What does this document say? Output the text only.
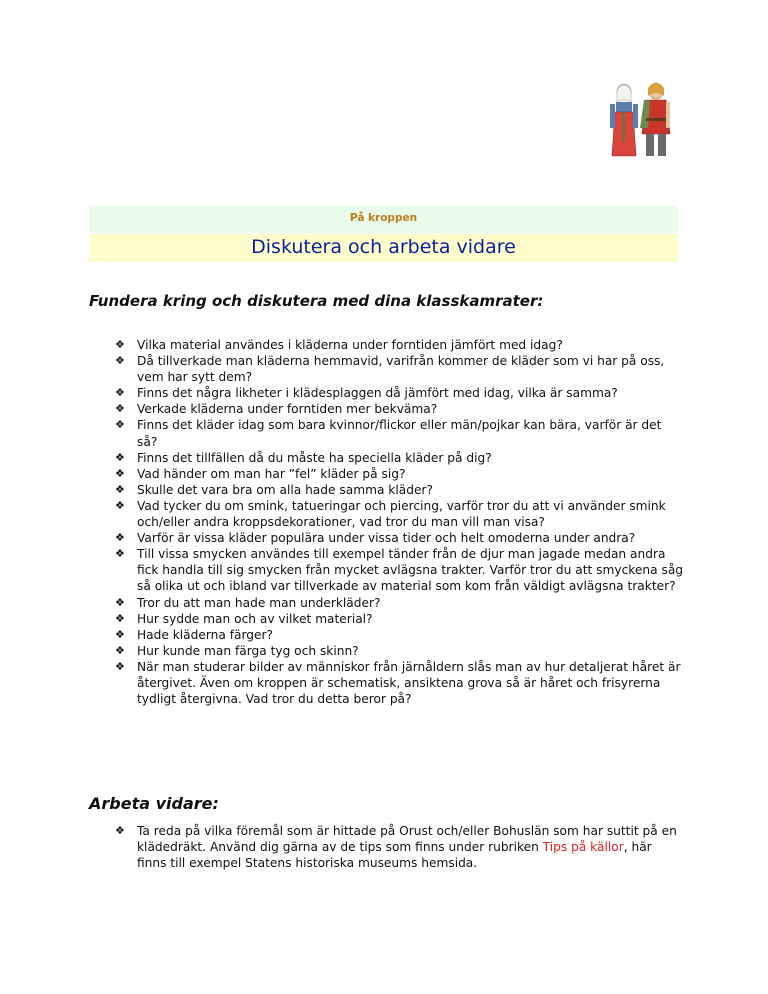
På kroppen
Diskutera och arbeta vidare
Fundera kring och diskutera med dina klasskamrater:
❖ Vilka material användes i kläderna under forntiden jämfört med idag?
❖ Då tillverkade man kläderna hemmavid, varifrån kommer de kläder som vi har på oss, vem har sytt dem?
❖ Finns det några likheter i klädesplaggen då jämfört med idag, vilka är samma?
❖ Verkade kläderna under forntiden mer bekväma?
❖ Finns det kläder idag som bara kvinnor/flickor eller män/pojkar kan bära, varför är det så?
❖ Finns det tillfällen då du måste ha speciella kläder på dig?
❖ Vad händer om man har ”fel” kläder på sig?
❖ Skulle det vara bra om alla hade samma kläder?
❖ Vad tycker du om smink, tatueringar och piercing, varför tror du att vi använder smink och/eller andra kroppsdekorationer, vad tror du man vill man visa?
❖ Varför är vissa kläder populära under vissa tider och helt omoderna under andra?
❖ Till vissa smycken användes till exempel tänder från de djur man jagade medan andra fick handla till sig smycken från mycket avlägsna trakter. Varför tror du att smyckena såg så olika ut och ibland var tillverkade av material som kom från väldigt avlägsna trakter?
❖ Tror du att man hade man underkläder?
❖ Hur sydde man och av vilket material?
❖ Hade kläderna färger?
❖ Hur kunde man färga tyg och skinn?
❖ När man studerar bilder av människor från järnåldern slås man av hur detaljerat håret är återgivet. Även om kroppen är schematisk, ansiktena grova så är håret och frisyrerna tydligt återgivna. Vad tror du detta beror på?
Arbeta vidare:
❖ Ta reda på vilka föremål som är hittade på Orust och/eller Bohuslän som har suttit på en klädedräkt. Använd dig gärna av de tips som finns under rubriken Tips på källor, här finns till exempel Statens historiska museums hemsida.
